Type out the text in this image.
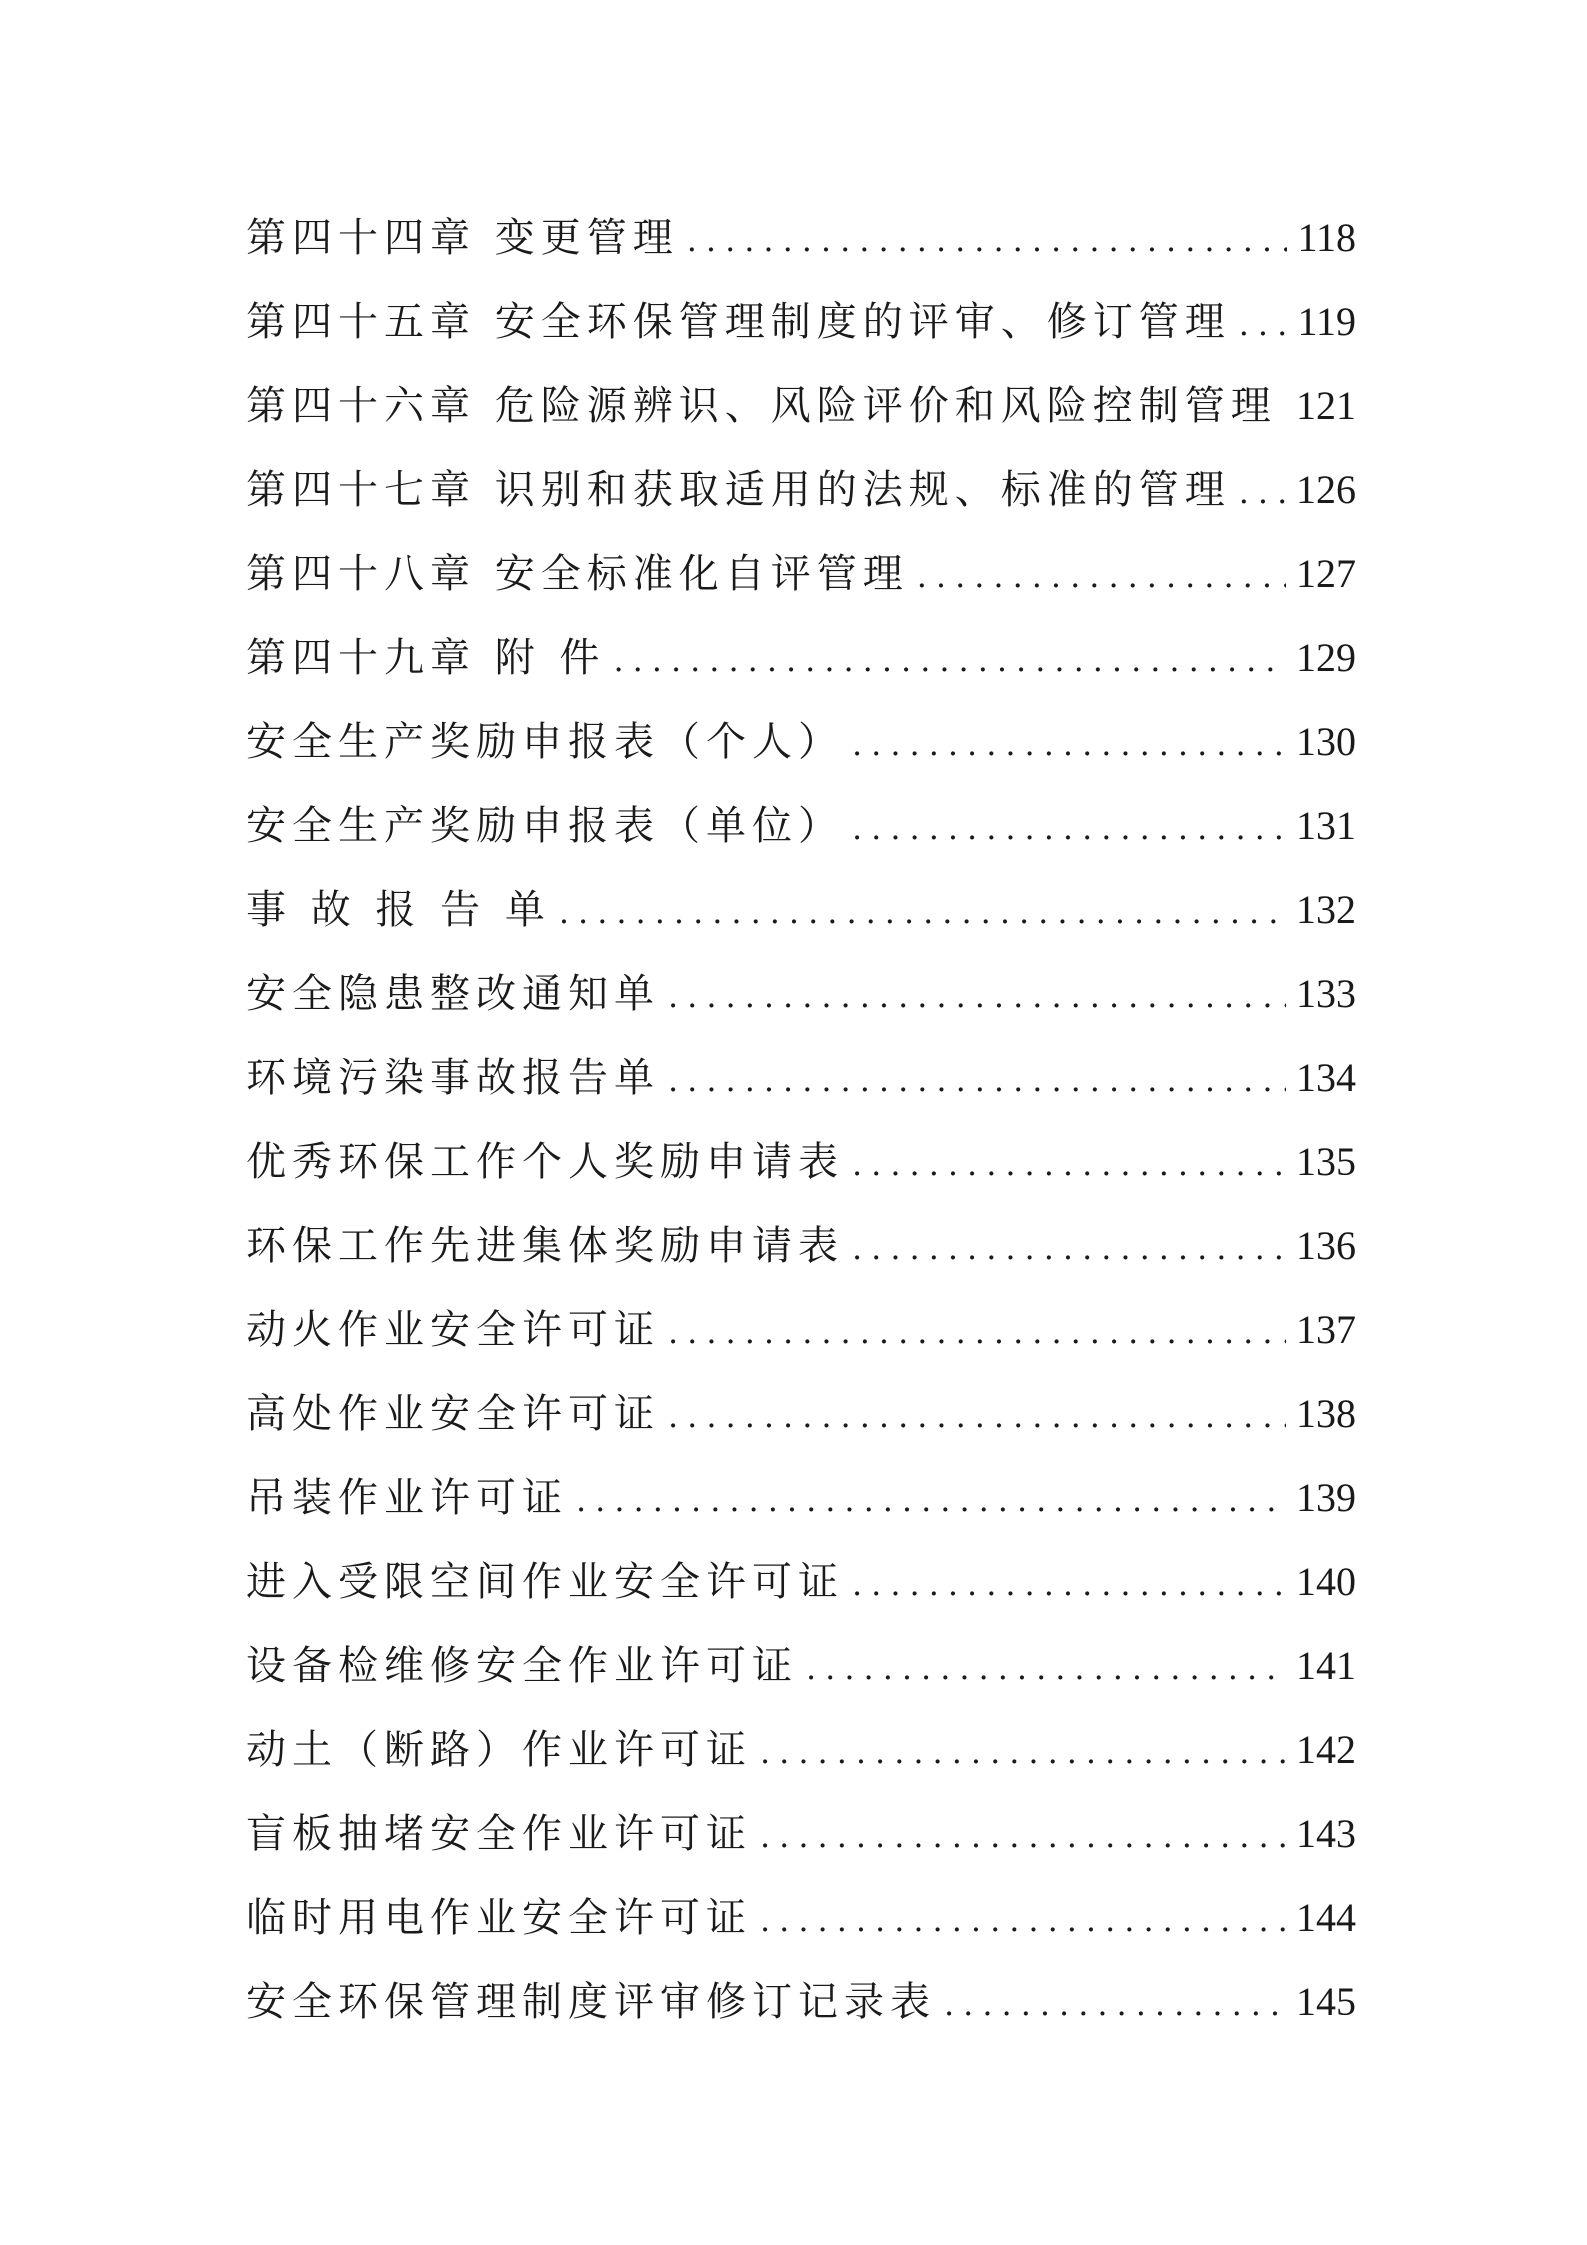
第四十四章 变更管理 .....	118
第四十五章 安全环保管理制度的评审、修订管理 ..... 119
第四十六章 危险源辨识、风险评价和风险控制管理 ..... 121
第四十七章 识别和获取适用的法规、标准的管理 ..... 126
第四十八章 安全标准化自评管理 .....	127
第四十九章 附 件 .....	129
安全生产奖励申报表（个人） .....	130
安全生产奖励申报表（单位） .....	131
事 故 报 告 单 .....	132
安全隐患整改通知单 .....	133
环境污染事故报告单 .....	134
优秀环保工作个人奖励申请表 .....	135
环保工作先进集体奖励申请表 .....	136
动火作业安全许可证 .....	137
高处作业安全许可证 .....	138
吊装作业许可证 .....	139
进入受限空间作业安全许可证 .....	140
设备检维修安全作业许可证 .....	141
动土（断路）作业许可证 .....	142
盲板抽堵安全作业许可证 .....	143
临时用电作业安全许可证 .....	144
安全环保管理制度评审修订记录表 .....	145
